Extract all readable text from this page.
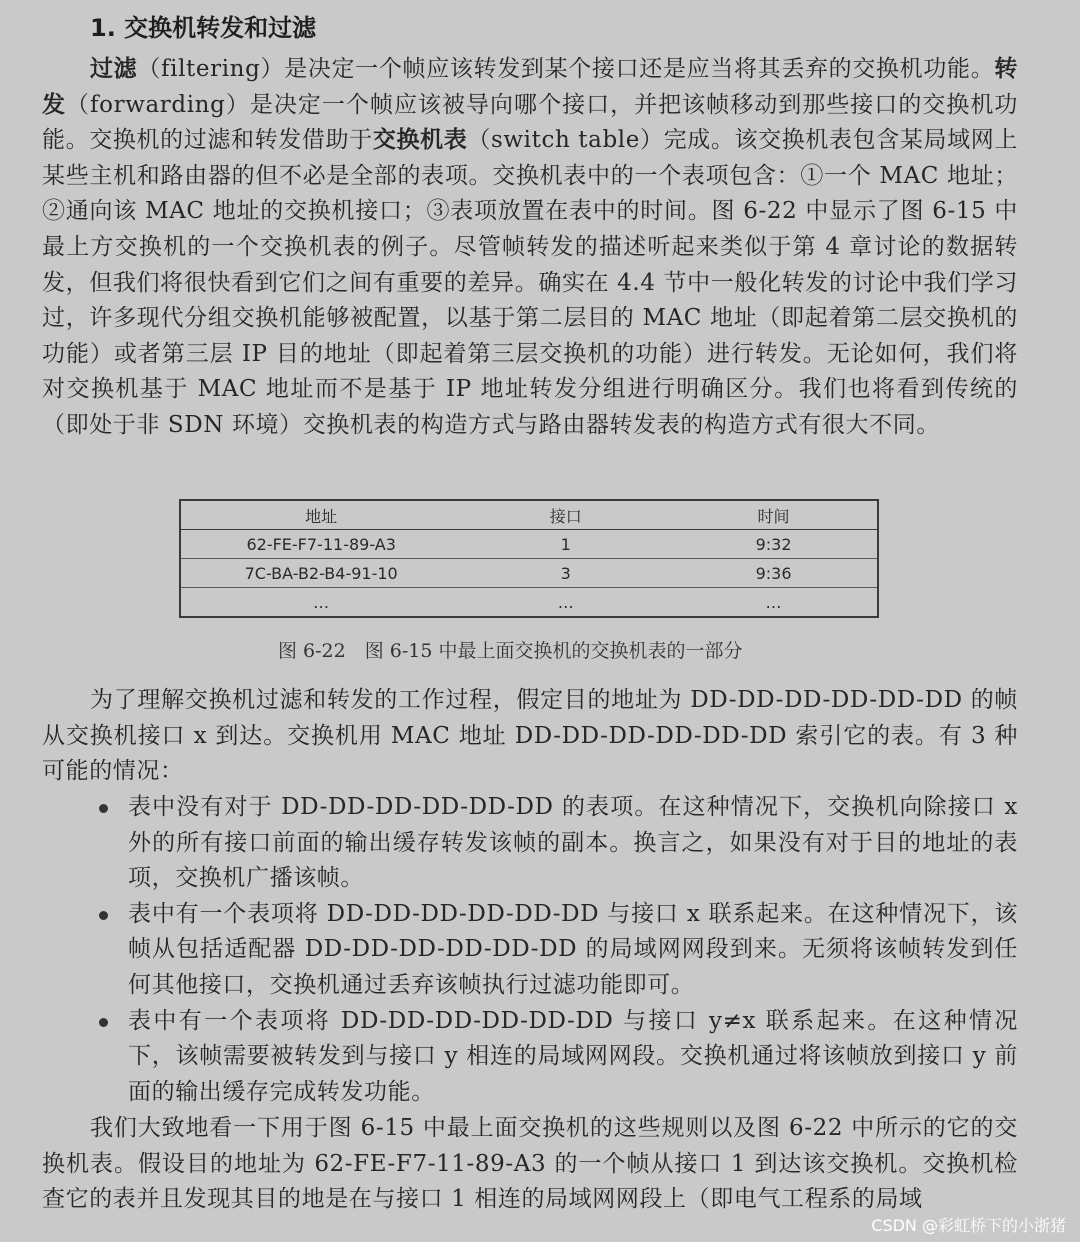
1. 交换机转发和过滤

过滤（filtering）是决定一个帧应该转发到某个接口还是应当将其丢弃的交换机功能。转发（forwarding）是决定一个帧应该被导向哪个接口，并把该帧移动到那些接口的交换机功能。交换机的过滤和转发借助于交换机表（switch table）完成。该交换机表包含某局域网上某些主机和路由器的但不必是全部的表项。交换机表中的一个表项包含：①一个 MAC 地址；②通向该 MAC 地址的交换机接口；③表项放置在表中的时间。图 6-22 中显示了图 6-15 中最上方交换机的一个交换机表的例子。尽管帧转发的描述听起来类似于第 4 章讨论的数据转发，但我们将很快看到它们之间有重要的差异。确实在 4.4 节中一般化转发的讨论中我们学习过，许多现代分组交换机能够被配置，以基于第二层目的 MAC 地址（即起着第二层交换机的功能）或者第三层 IP 目的地址（即起着第三层交换机的功能）进行转发。无论如何，我们将对交换机基于 MAC 地址而不是基于 IP 地址转发分组进行明确区分。我们也将看到传统的（即处于非 SDN 环境）交换机表的构造方式与路由器转发表的构造方式有很大不同。

地址	接口	时间
62-FE-F7-11-89-A3	1	9:32
7C-BA-B2-B4-91-10	3	9:36
…	…	…
图 6-22　图 6-15 中最上面交换机的交换机表的一部分

为了理解交换机过滤和转发的工作过程，假定目的地址为 DD-DD-DD-DD-DD-DD 的帧从交换机接口 x 到达。交换机用 MAC 地址 DD-DD-DD-DD-DD-DD 索引它的表。有 3 种可能的情况：

表中没有对于 DD-DD-DD-DD-DD-DD 的表项。在这种情况下，交换机向除接口 x 外的所有接口前面的输出缓存转发该帧的副本。换言之，如果没有对于目的地址的表项，交换机广播该帧。
表中有一个表项将 DD-DD-DD-DD-DD-DD 与接口 x 联系起来。在这种情况下，该帧从包括适配器 DD-DD-DD-DD-DD-DD 的局域网网段到来。无须将该帧转发到任何其他接口，交换机通过丢弃该帧执行过滤功能即可。
表中有一个表项将 DD-DD-DD-DD-DD-DD 与接口 y≠x 联系起来。在这种情况下，该帧需要被转发到与接口 y 相连的局域网网段。交换机通过将该帧放到接口 y 前面的输出缓存完成转发功能。

我们大致地看一下用于图 6-15 中最上面交换机的这些规则以及图 6-22 中所示的它的交换机表。假设目的地址为 62-FE-F7-11-89-A3 的一个帧从接口 1 到达该交换机。交换机检查它的表并且发现其目的地是在与接口 1 相连的局域网网段上（即电气工程系的局域

CSDN @彩虹桥下的小浙猪
